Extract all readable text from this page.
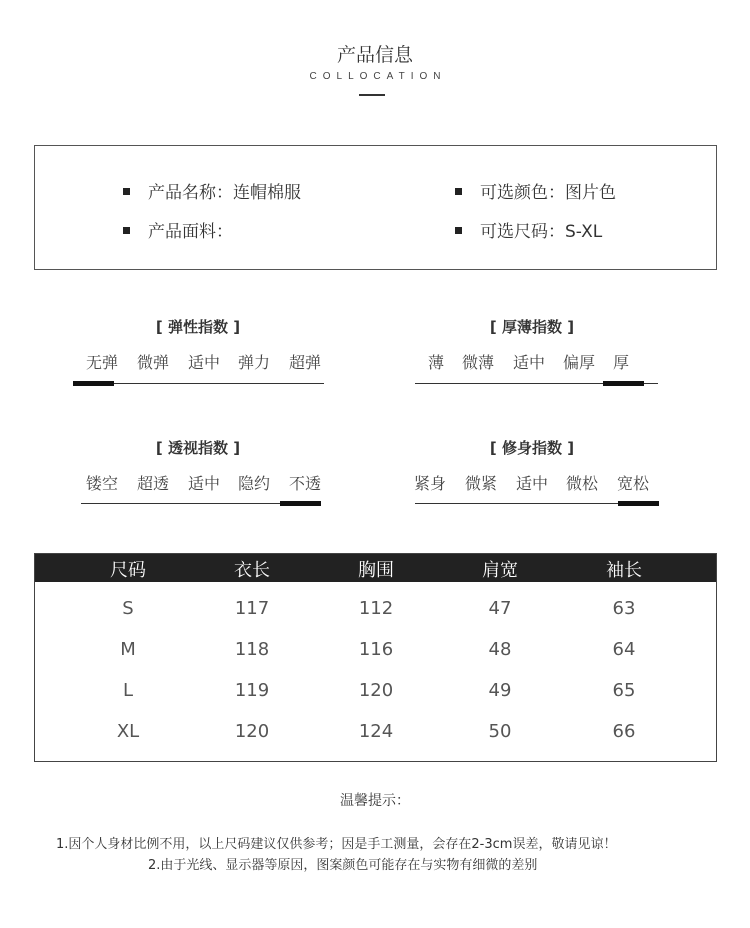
产品信息
COLLOCATION
产品名称：连帽棉服
产品面料：
可选颜色：图片色
可选尺码：S-XL
[ 弹性指数 ]
无弹 微弹 适中 弹力 超弹
[ 厚薄指数 ]
薄 微薄 适中 偏厚 厚
[ 透视指数 ]
镂空 超透 适中 隐约 不透
[ 修身指数 ]
紧身 微紧 适中 微松 宽松
尺码	衣长	胸围	肩宽	袖长
S	117	112	47	63
M	118	116	48	64
L	119	120	49	65
XL	120	124	50	66
温馨提示：
1.因个人身材比例不用，以上尺码建议仅供参考；因是手工测量，会存在2-3cm误差，敬请见谅！
2.由于光线、显示器等原因，图案颜色可能存在与实物有细微的差别
